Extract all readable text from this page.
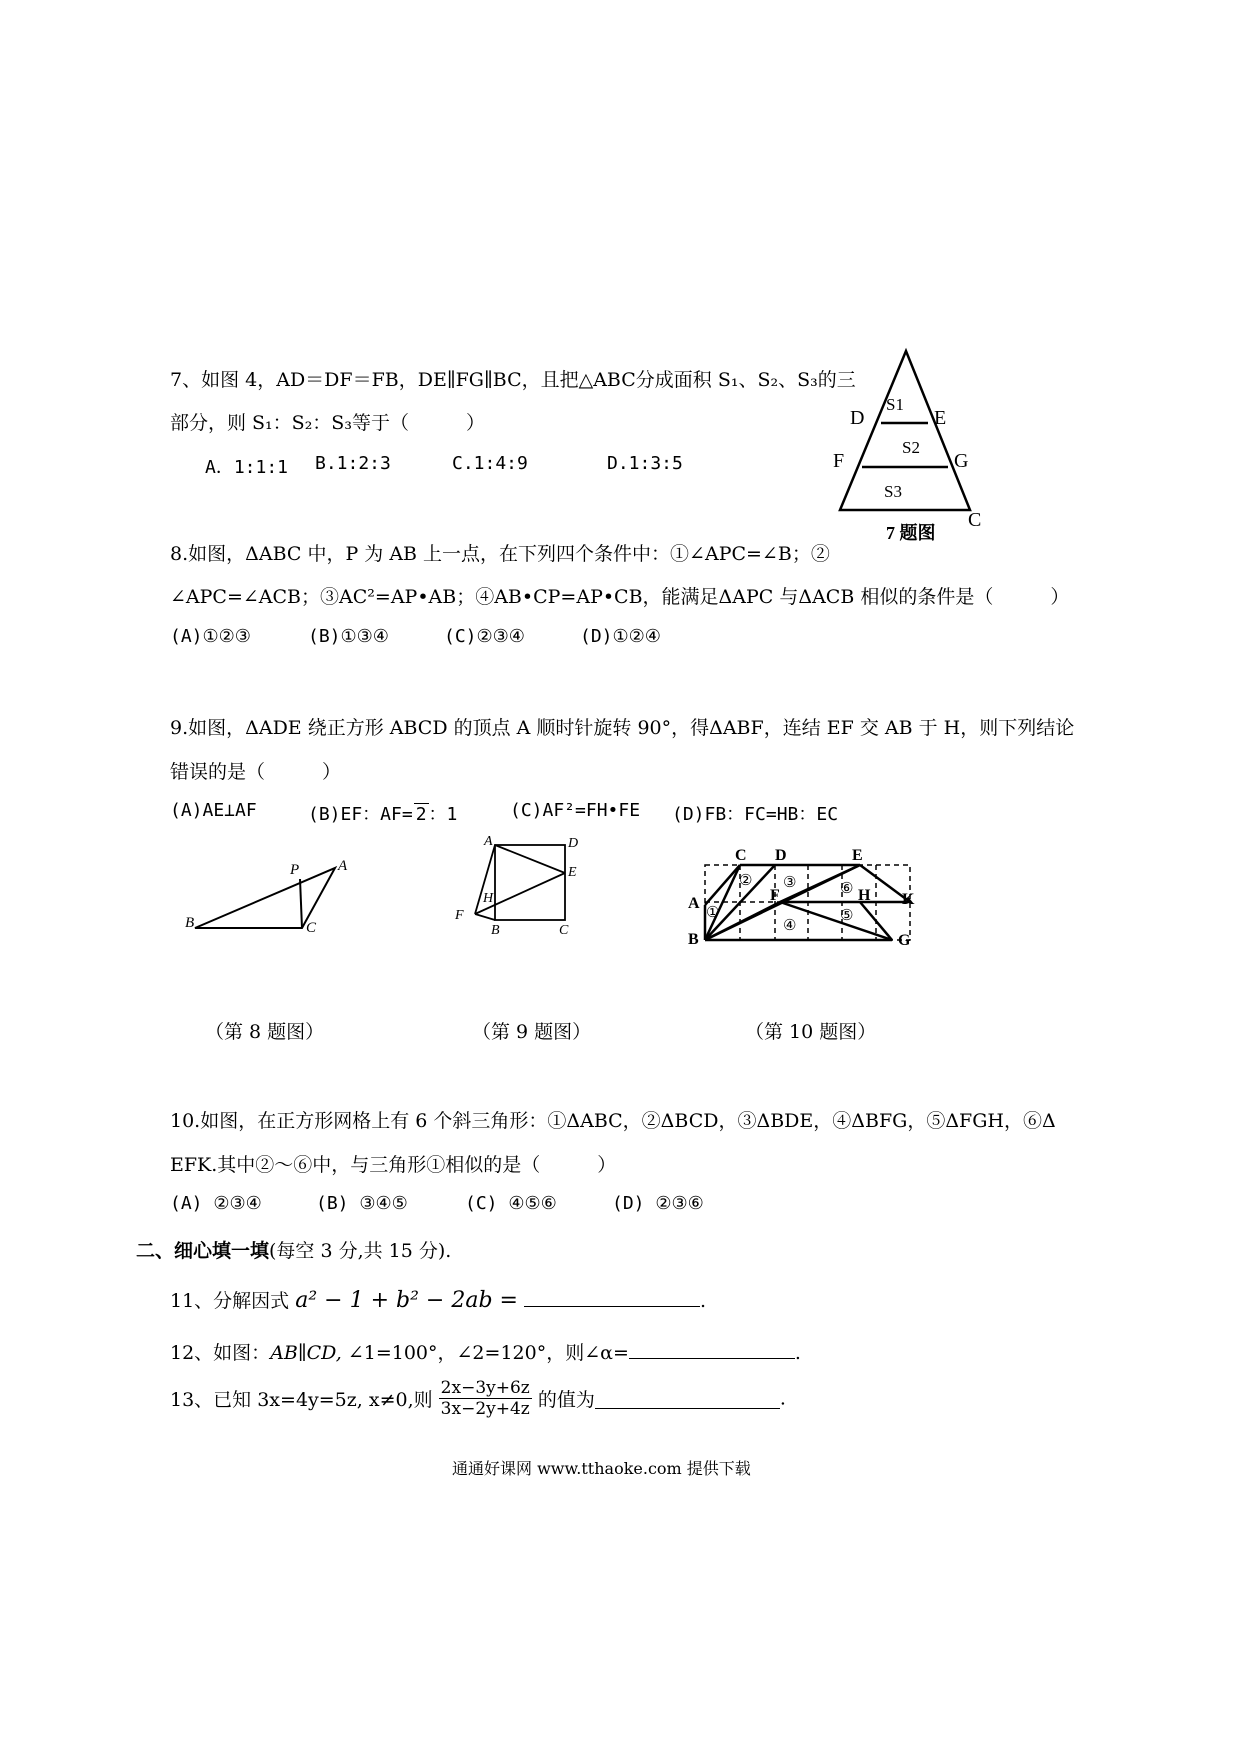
7、如图 4，AD＝DF＝FB，DE∥FG∥BC，且把△ABC分成面积 S₁、S₂、S₃的三
部分，则 S₁：S₂：S₃等于（　　　）
A．1:1:1 B.1:2:3	C.1:4:9	D.1:3:5
D	E
F	G
C
S1
S2
S3
7 题图
8.如图，ΔABC 中，P 为 AB 上一点，在下列四个条件中：①∠APC=∠B；②
∠APC=∠ACB；③AC²=AP•AB；④AB•CP=AP•CB，能满足ΔAPC 与ΔACB 相似的条件是（　　　）
(A)①②③	(B)①③④	(C)②③④	(D)①②④
9.如图，ΔADE 绕正方形 ABCD 的顶点 A 顺时针旋转 90°，得ΔABF，连结 EF 交 AB 于 H，则下列结论
错误的是（　　　）
(A)AE⊥AF	(B)EF：AF= 2 ：1	(C)AF²=FH•FE (D)FB：FC=HB：EC
P	A
B	C
A	D
E
H
F
B	C
C D	E
A	F	H K
B	G
①
② ③
④
⑤
⑥
（第 8 题图）	（第 9 题图）	（第 10 题图）
10.如图，在正方形网格上有 6 个斜三角形：①ΔABC，②ΔBCD，③ΔBDE，④ΔBFG，⑤ΔFGH，⑥Δ
EFK.其中②～⑥中，与三角形①相似的是（　　　）
(A) ②③④	(B) ③④⑤	(C) ④⑤⑥	(D) ②③⑥
二、细心填一填(每空 3 分,共 15 分).
11、分解因式 a² − 1 + b² − 2ab =	.
12、如图：AB∥CD, ∠1=100°，∠2=120°，则∠α=	.
13、已知 3x=4y=5z, x≠0,则 $\frac{2x-3y+6z}{3x-2y+4z}$ 的值为	.
通通好课网 www.tthaoke.com 提供下载
